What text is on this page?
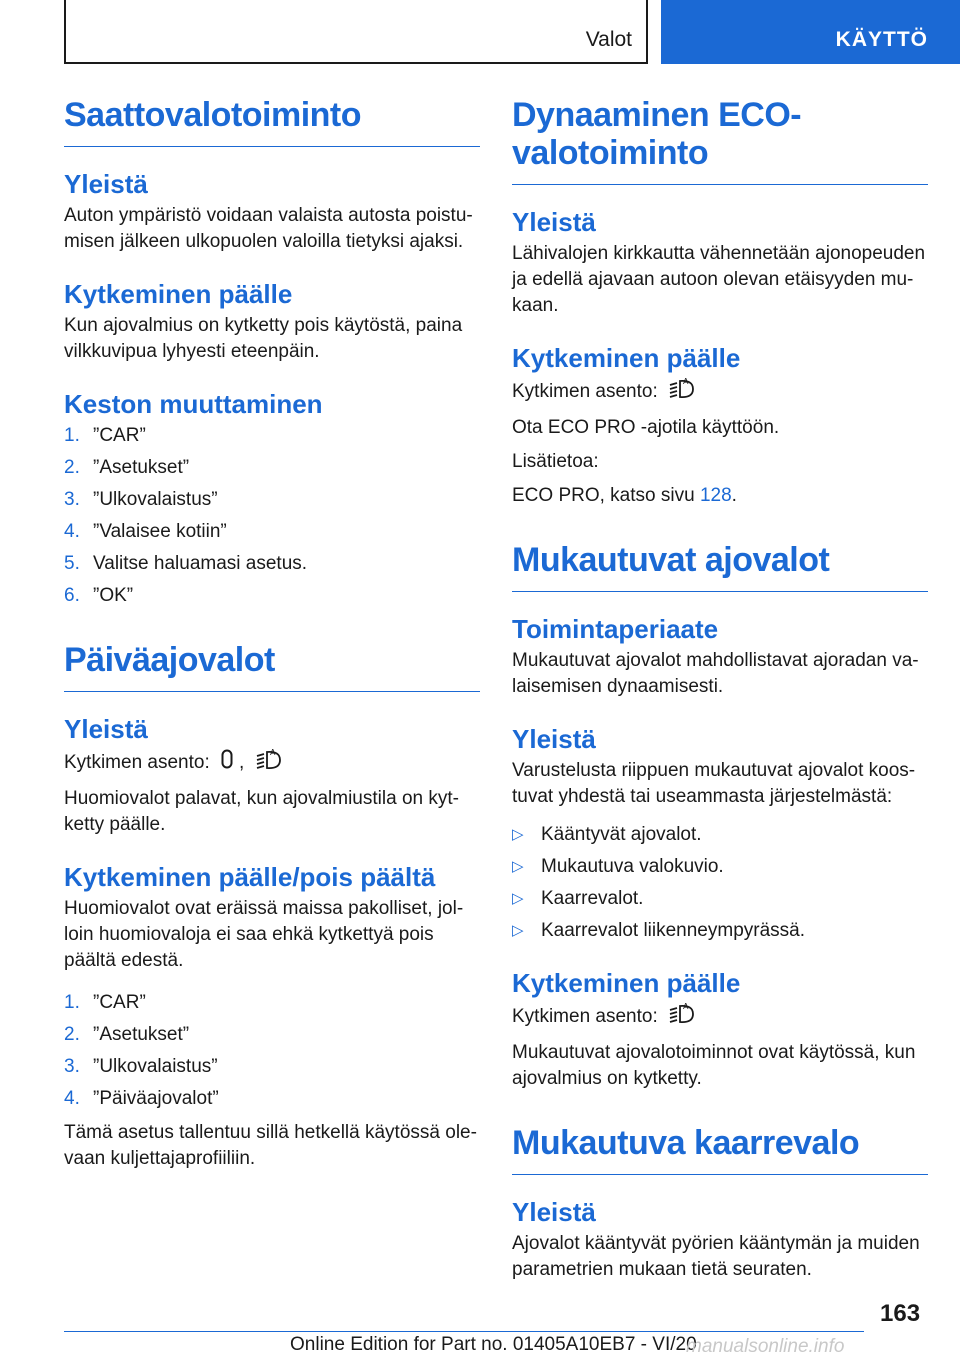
Valot	KÄYTTÖ
Saattovalotoiminto
Yleistä

Auton ympäristö voidaan valaista autosta poistu-misen jälkeen ulkopuolen valoilla tietyksi ajaksi.

Kytkeminen päälle

Kun ajovalmius on kytketty pois käytöstä, paina vilkkuvipua lyhyesti eteenpäin.

Keston muuttaminen
1. ”CAR”
2. ”Asetukset”
3. ”Ulkovalaistus”
4. ”Valaisee kotiin”
5. Valitse haluamasi asetus.
6. ”OK”
Päiväajovalot
Yleistä

Kytkimen asento: ,	A

Huomiovalot palavat, kun ajovalmiustila on kyt-ketty päälle.

Kytkeminen päälle/pois päältä

Huomiovalot ovat eräissä maissa pakolliset, jol-loin huomiovaloja ei saa ehkä kytkettyä pois päältä edestä.

1. ”CAR”
2. ”Asetukset”
3. ”Ulkovalaistus”
4. ”Päiväajovalot”

Tämä asetus tallentuu sillä hetkellä käytössä ole-vaan kuljettajaprofiiliin.

Dynaaminen ECO-
valotoiminto
Yleistä

Lähivalojen kirkkautta vähennetään ajonopeuden ja edellä ajavaan autoon olevan etäisyyden mu-kaan.

Kytkeminen päälle

Kytkimen asento:	A

Ota ECO PRO -ajotila käyttöön.

Lisätietoa:

ECO PRO, katso sivu 128.

Mukautuvat ajovalot
Toimintaperiaate

Mukautuvat ajovalot mahdollistavat ajoradan va-laisemisen dynaamisesti.

Yleistä

Varustelusta riippuen mukautuvat ajovalot koos-tuvat yhdestä tai useammasta järjestelmästä:

▷ Kääntyvät ajovalot.
▷ Mukautuva valokuvio.
▷ Kaarrevalot.
▷ Kaarrevalot liikenneympyrässä.
Kytkeminen päälle

Kytkimen asento:	A

Mukautuvat ajovalotoiminnot ovat käytössä, kun ajovalmius on kytketty.

Mukautuva kaarrevalo
Yleistä

Ajovalot kääntyvät pyörien kääntymän ja muiden parametrien mukaan tietä seuraten.

163
Online Edition for Part no. 01405A10EB7 - VI/20
manualsonline.info
